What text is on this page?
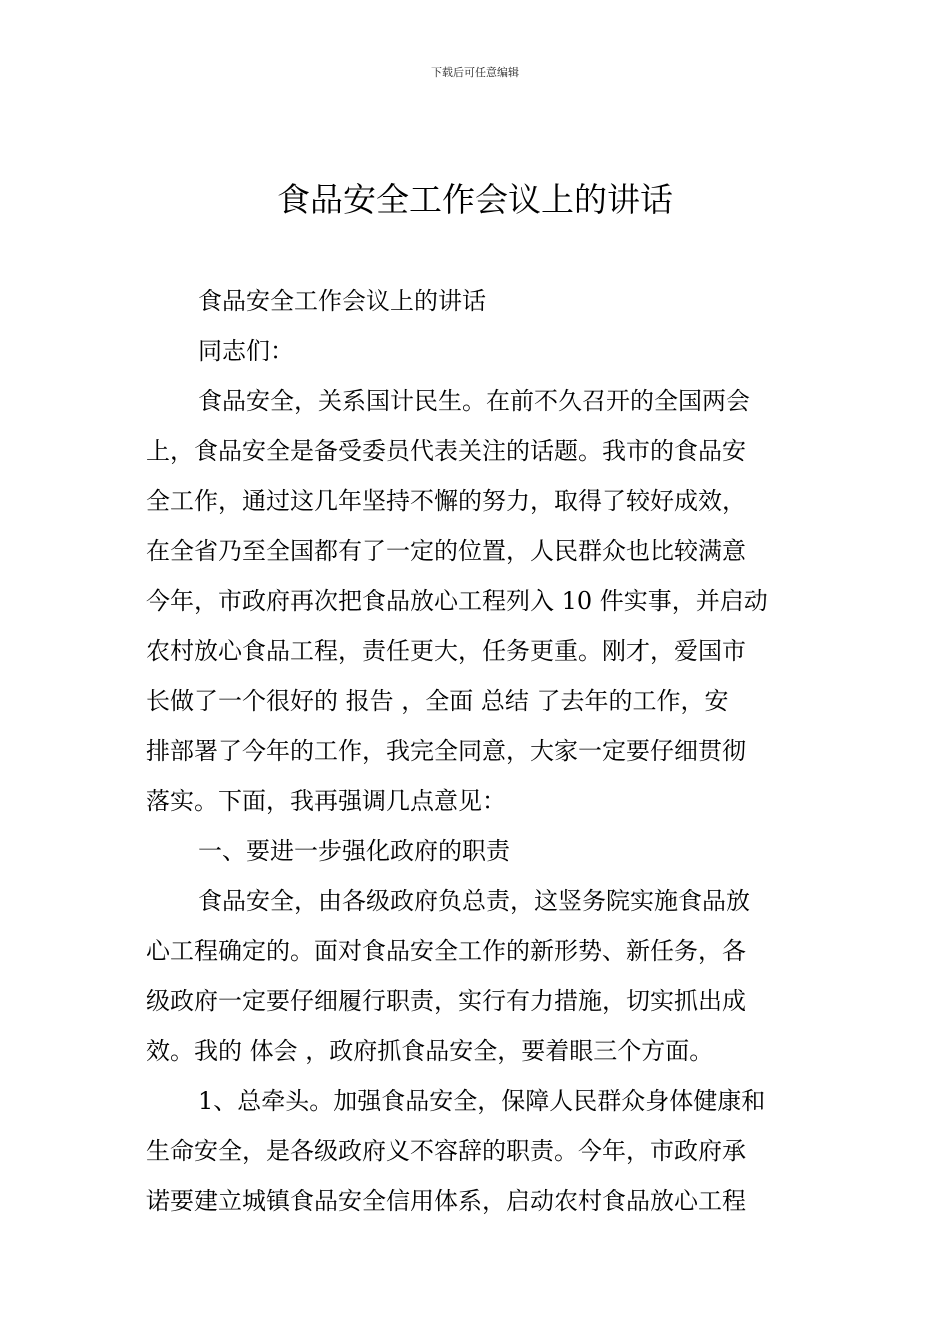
下载后可任意编辑
食品安全工作会议上的讲话
食品安全工作会议上的讲话
同志们：
食品安全，关系国计民生。在前不久召开的全国两会
上，食品安全是备受委员代表关注的话题。我市的食品安
全工作，通过这几年坚持不懈的努力，取得了较好成效，
在全省乃至全国都有了一定的位置，人民群众也比较满意
今年，市政府再次把食品放心工程列入 10 件实事，并启动
农村放心食品工程，责任更大，任务更重。刚才，爱国市
长做了一个很好的 报告 ，全面 总结 了去年的工作，安
排部署了今年的工作，我完全同意，大家一定要仔细贯彻
落实。下面，我再强调几点意见：
一、要进一步强化政府的职责
食品安全，由各级政府负总责，这竖务院实施食品放
心工程确定的。面对食品安全工作的新形势、新任务，各
级政府一定要仔细履行职责，实行有力措施，切实抓出成
效。我的 体会 ，政府抓食品安全，要着眼三个方面。
1、总牵头。加强食品安全，保障人民群众身体健康和
生命安全，是各级政府义不容辞的职责。今年，市政府承
诺要建立城镇食品安全信用体系，启动农村食品放心工程
